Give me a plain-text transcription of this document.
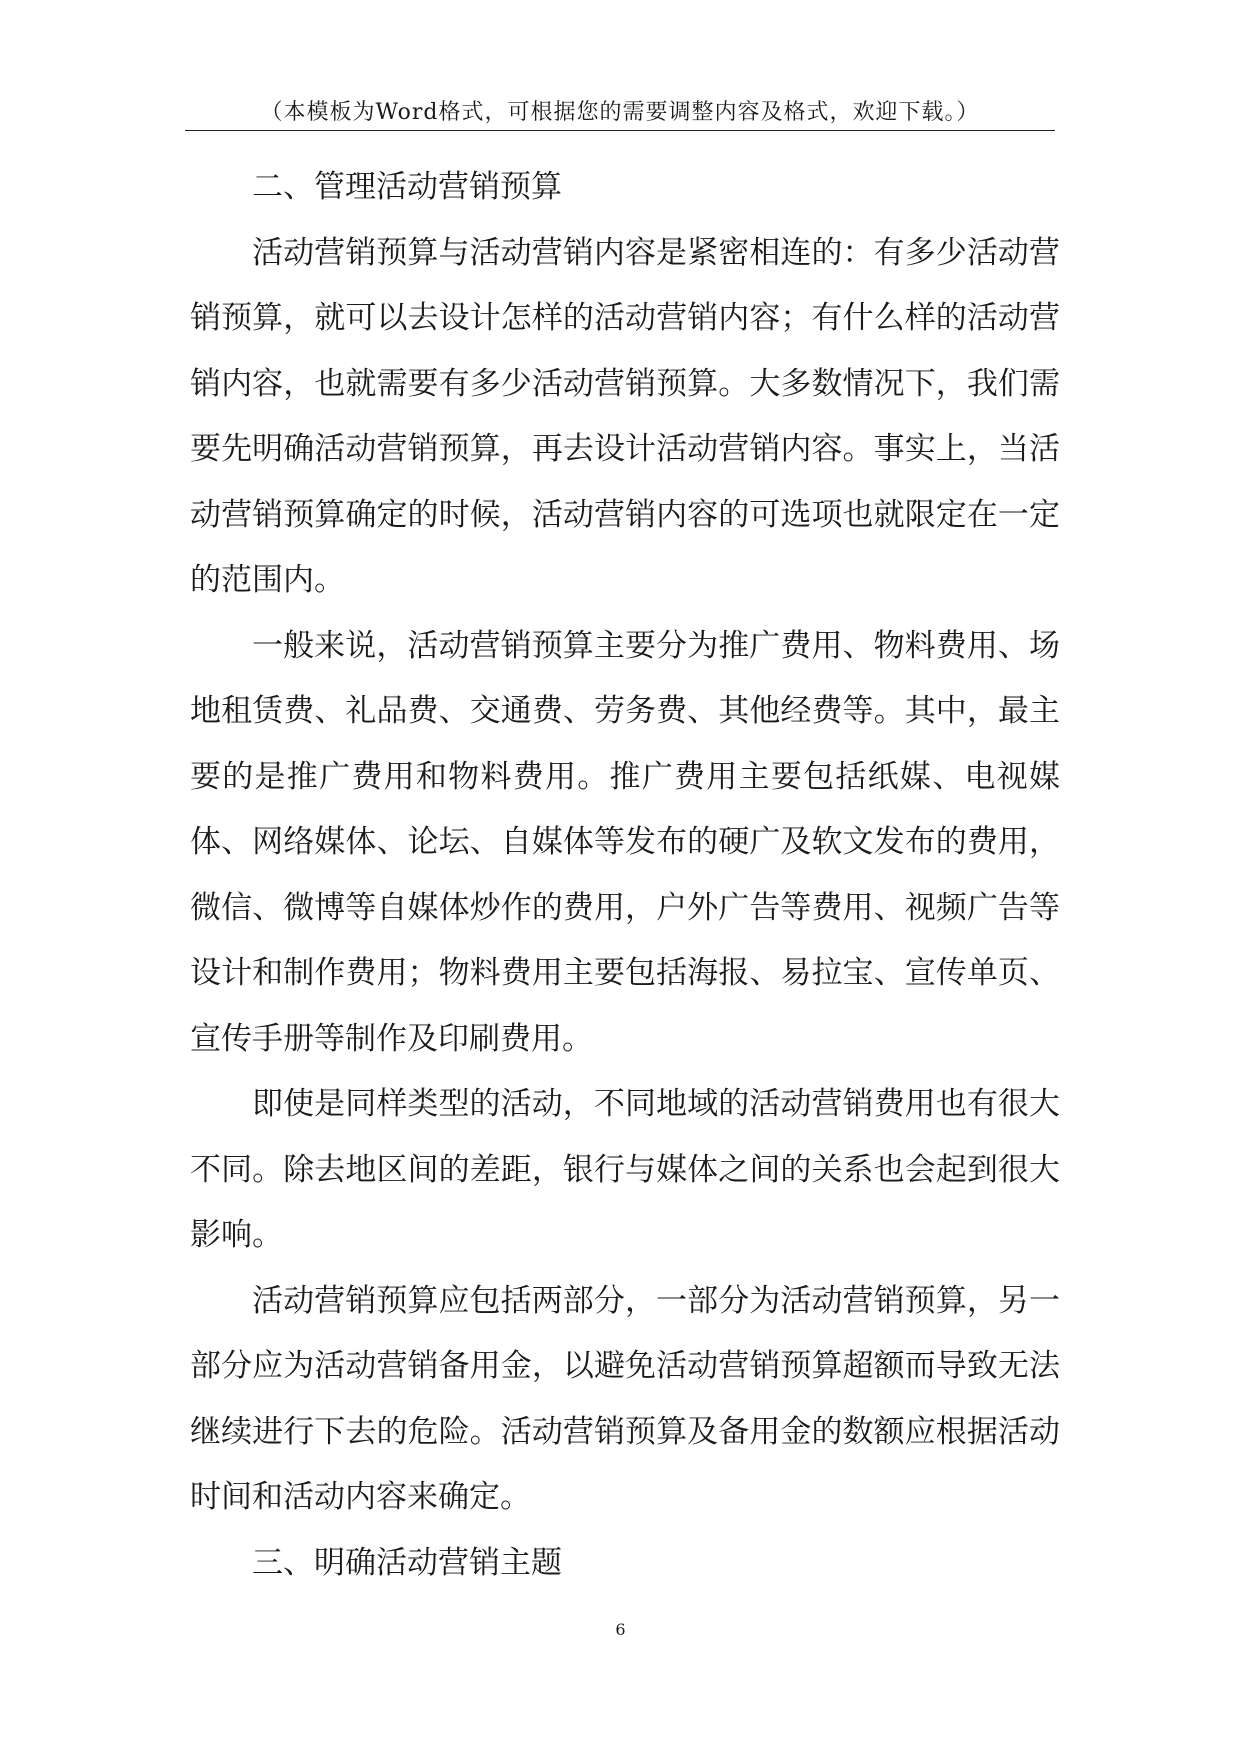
（本模板为Word格式，可根据您的需要调整内容及格式，欢迎下载。）

二、管理活动营销预算

活动营销预算与活动营销内容是紧密相连的：有多少活动营销预算，就可以去设计怎样的活动营销内容；有什么样的活动营销内容，也就需要有多少活动营销预算。大多数情况下，我们需要先明确活动营销预算，再去设计活动营销内容。事实上，当活动营销预算确定的时候，活动营销内容的可选项也就限定在一定的范围内。

一般来说，活动营销预算主要分为推广费用、物料费用、场地租赁费、礼品费、交通费、劳务费、其他经费等。其中，最主要的是推广费用和物料费用。推广费用主要包括纸媒、电视媒体、网络媒体、论坛、自媒体等发布的硬广及软文发布的费用，微信、微博等自媒体炒作的费用，户外广告等费用、视频广告等设计和制作费用；物料费用主要包括海报、易拉宝、宣传单页、宣传手册等制作及印刷费用。

即使是同样类型的活动，不同地域的活动营销费用也有很大不同。除去地区间的差距，银行与媒体之间的关系也会起到很大影响。

活动营销预算应包括两部分，一部分为活动营销预算，另一部分应为活动营销备用金，以避免活动营销预算超额而导致无法继续进行下去的危险。活动营销预算及备用金的数额应根据活动时间和活动内容来确定。

三、明确活动营销主题

6
